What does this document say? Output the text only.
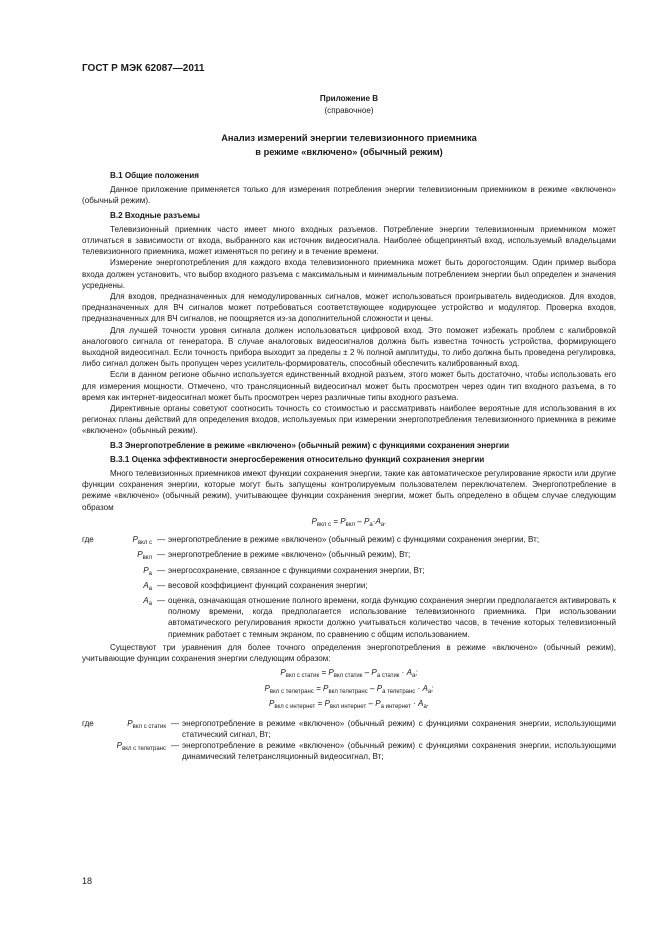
ГОСТ Р МЭК 62087—2011
Приложение В
(справочное)
Анализ измерений энергии телевизионного приемника
в режиме «включено» (обычный режим)
В.1 Общие положения

Данное приложение применяется только для измерения потребления энергии телевизионным приемником в режиме «включено» (обычный режим).

В.2 Входные разъемы

Телевизионный приемник часто имеет много входных разъемов. Потребление энергии телевизионным приемником может отличаться в зависимости от входа, выбранного как источник видеосигнала. Наиболее общепринятый вход, используемый владельцами телевизионного приемника, может изменяться по регину и в течение времени.

Измерение энергопотребления для каждого входа телевизионного приемника может быть дорогостоящим. Один пример выбора входа должен установить, что выбор входного разъема с максимальным и минимальным потреблением энергии был определен и значения усреднены.

Для входов, предназначенных для немодулированных сигналов, может использоваться проигрыватель видеодисков. Для входов, предназначенных для ВЧ сигналов может потребоваться соответствующее кодирующее устройство и модулятор. Проверка входов, предназначенных для ВЧ сигналов, не поощряется из-за дополнительной сложности и цены.

Для лучшей точности уровня сигнала должен использоваться цифровой вход. Это поможет избежать проблем с калибровкой аналогового сигнала от генератора. В случае аналоговых видеосигналов должна быть известна точность устройства, формирующего выходной видеосигнал. Если точность прибора выходит за пределы ± 2 % полной амплитуды, то либо должна быть проведена регулировка, либо сигнал должен быть пропущен через усилитель-формирователь, способный обеспечить калиброванный вход.

Если в данном регионе обычно используется единственный входной разъем, этого может быть достаточно, чтобы использовать его для измерения мощности. Отмечено, что трансляционный видеосигнал может быть просмотрен через один тип входного разъема, в то время как интернет-видеосигнал может быть просмотрен через различные типы входного разъема.

Директивные органы советуют соотносить точность со стоимостью и рассматривать наиболее вероятные для использования в их регионах планы действий для определения входов, используемых при измерении энергопотребления телевизионного приемника в режиме «включено» (обычный режим).

В.3 Энергопотребление в режиме «включено» (обычный режим) с функциями сохранения энергии
В.3.1 Оценка эффективности энергосбережения относительно функций сохранения энергии

Много телевизионных приемников имеют функции сохранения энергии, такие как автоматическое регулирование яркости или другие функции сохранения энергии, которые могут быть запущены контролируемым пользователем переключателем. Энергопотребление в режиме «включено» (обычный режим), учитывающее функции сохранения энергии, может быть определено в общем случае следующим образом

$P_{вкл с} = P_{вкл} - P_а\cdot A_а$.
где	$P_{вкл с}$ — энергопотребление в режиме «включено» (обычный режим) с функциями сохранения энергии, Вт;
$P_{вкл}$ — энергопотребление в режиме «включено» (обычный режим), Вт;
$P_а$ — энергосохранение, связанное с функциями сохранения энергии, Вт;
$A_а$ — весовой коэффициент функций сохранения энергии;
$A_а$ — оценка, означающая отношение полного времени, когда функцию сохранения энергии предполагается активировать к полному времени, когда предполагается использование телевизионного приемника. При использовании автоматического регулирования яркости должно учитываться количество часов, в течение которых телевизионный приемник работает с темным экраном, по сравнению с общим использованием.

Существуют три уравнения для более точного определения энергопотребления в режиме «включено» (обычный режим), учитывающие функции сохранения энергии следующим образом:

$P_{вкл с статик} = P_{вкл статик} - P_{а статик} \cdot A_а$;
$P_{вкл с телетранс} = P_{вкл телетранс} - P_{а телетранс} \cdot A_а$;
$P_{вкл с интернет} = P_{вкл интернет} - P_{а интернет} \cdot A_а$.
где	$P_{вкл с статик}$ — энергопотребление в режиме «включено» (обычный режим) с функциями сохранения энергии, использующими статический сигнал, Вт;
$P_{вкл с телетранс}$ — энергопотребление в режиме «включено» (обычный режим) с функциями сохранения энергии, использующими динамический телетрансляционный видеосигнал, Вт;
18
